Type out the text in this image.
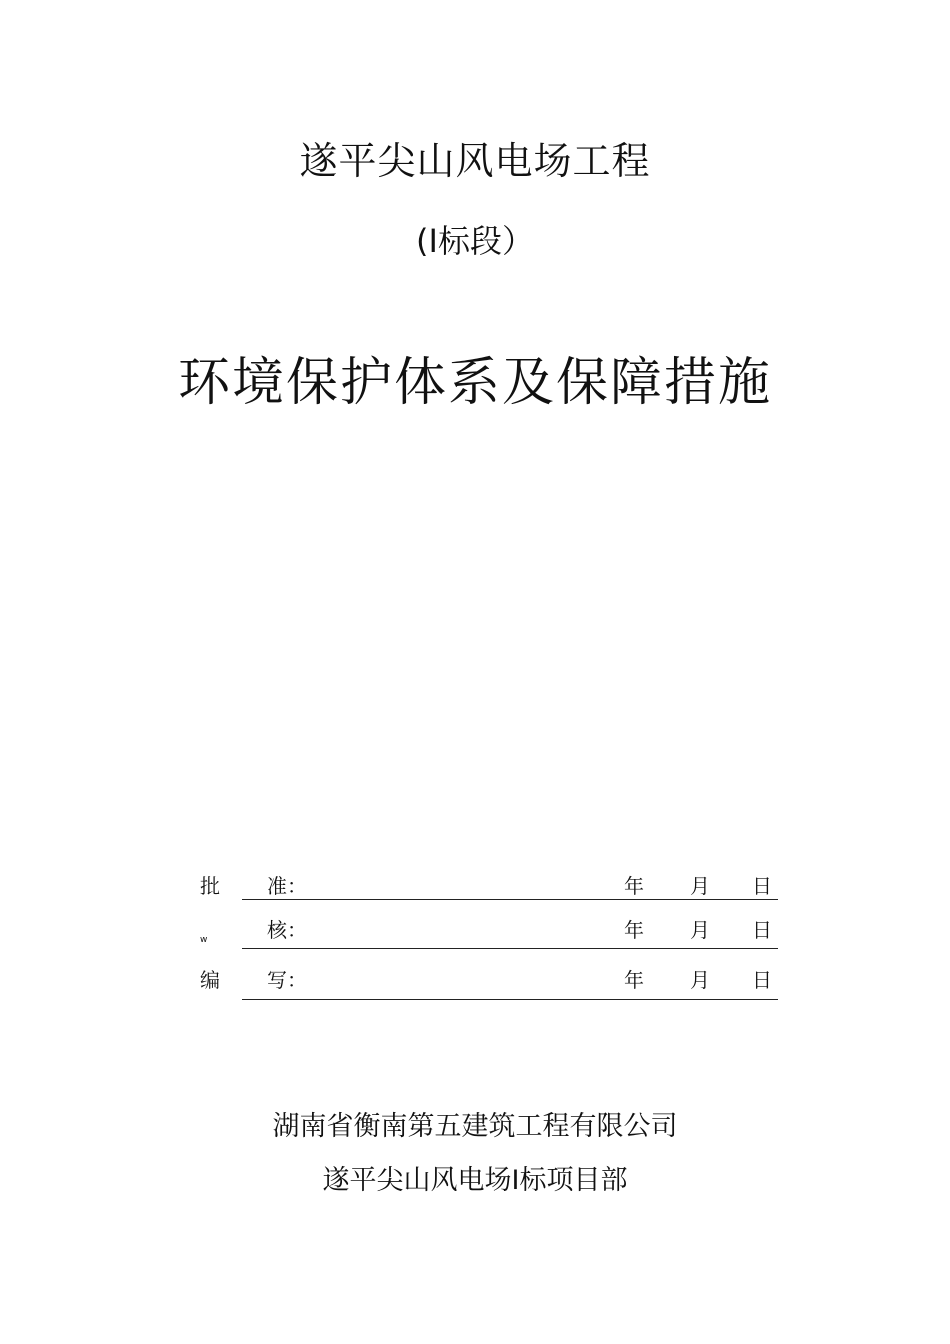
遂平尖山风电场工程
(I标段）
环境保护体系及保障措施
批 准：	年 月 日
w	核：	年 月 日
编 写：	年 月 日
湖南省衡南第五建筑工程有限公司
遂平尖山风电场I标项目部
